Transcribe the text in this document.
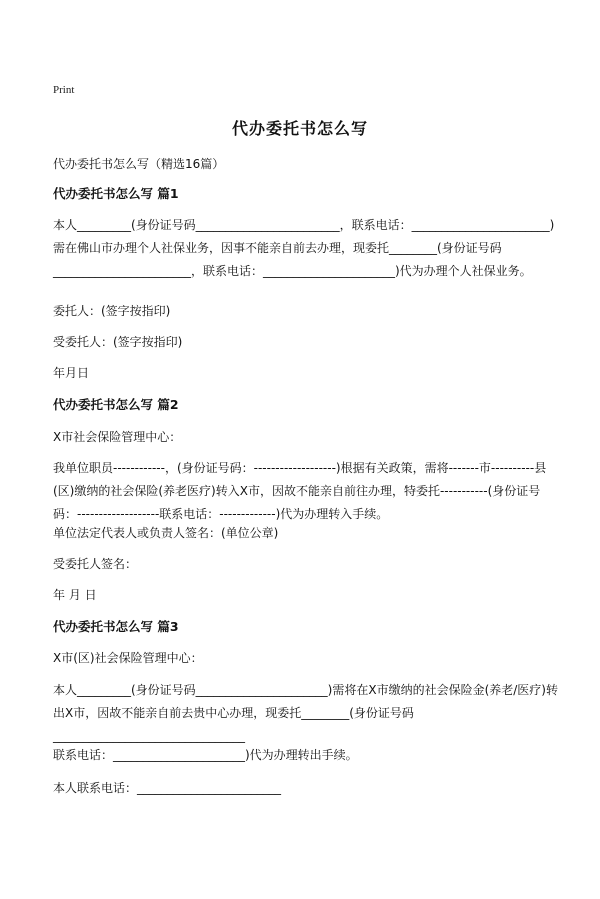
Print
代办委托书怎么写
代办委托书怎么写（精选16篇）
代办委托书怎么写 篇1
本人_________(身份证号码________________________，联系电话：_______________________)需在佛山市办理个人社保业务，因事不能亲自前去办理，现委托________(身份证号码_______________________，联系电话：______________________)代为办理个人社保业务。
委托人：(签字按指印)
受委托人：(签字按指印)
年月日
代办委托书怎么写 篇2
X市社会保险管理中心：
我单位职员------------，(身份证号码：-------------------)根据有关政策，需将-------市----------县(区)缴纳的社会保险(养老医疗)转入X市，因故不能亲自前往办理，特委托-----------(身份证号码：-------------------联系电话：-------------)代为办理转入手续。
单位法定代表人或负责人签名：(单位公章)
受委托人签名：
年 月 日
代办委托书怎么写 篇3
X市(区)社会保险管理中心：
本人_________(身份证号码______________________)需将在X市缴纳的社会保险金(养老/医疗)转出X市，因故不能亲自前去贵中心办理，现委托________(身份证号码________________________________
联系电话：______________________)代为办理转出手续。
本人联系电话：________________________
